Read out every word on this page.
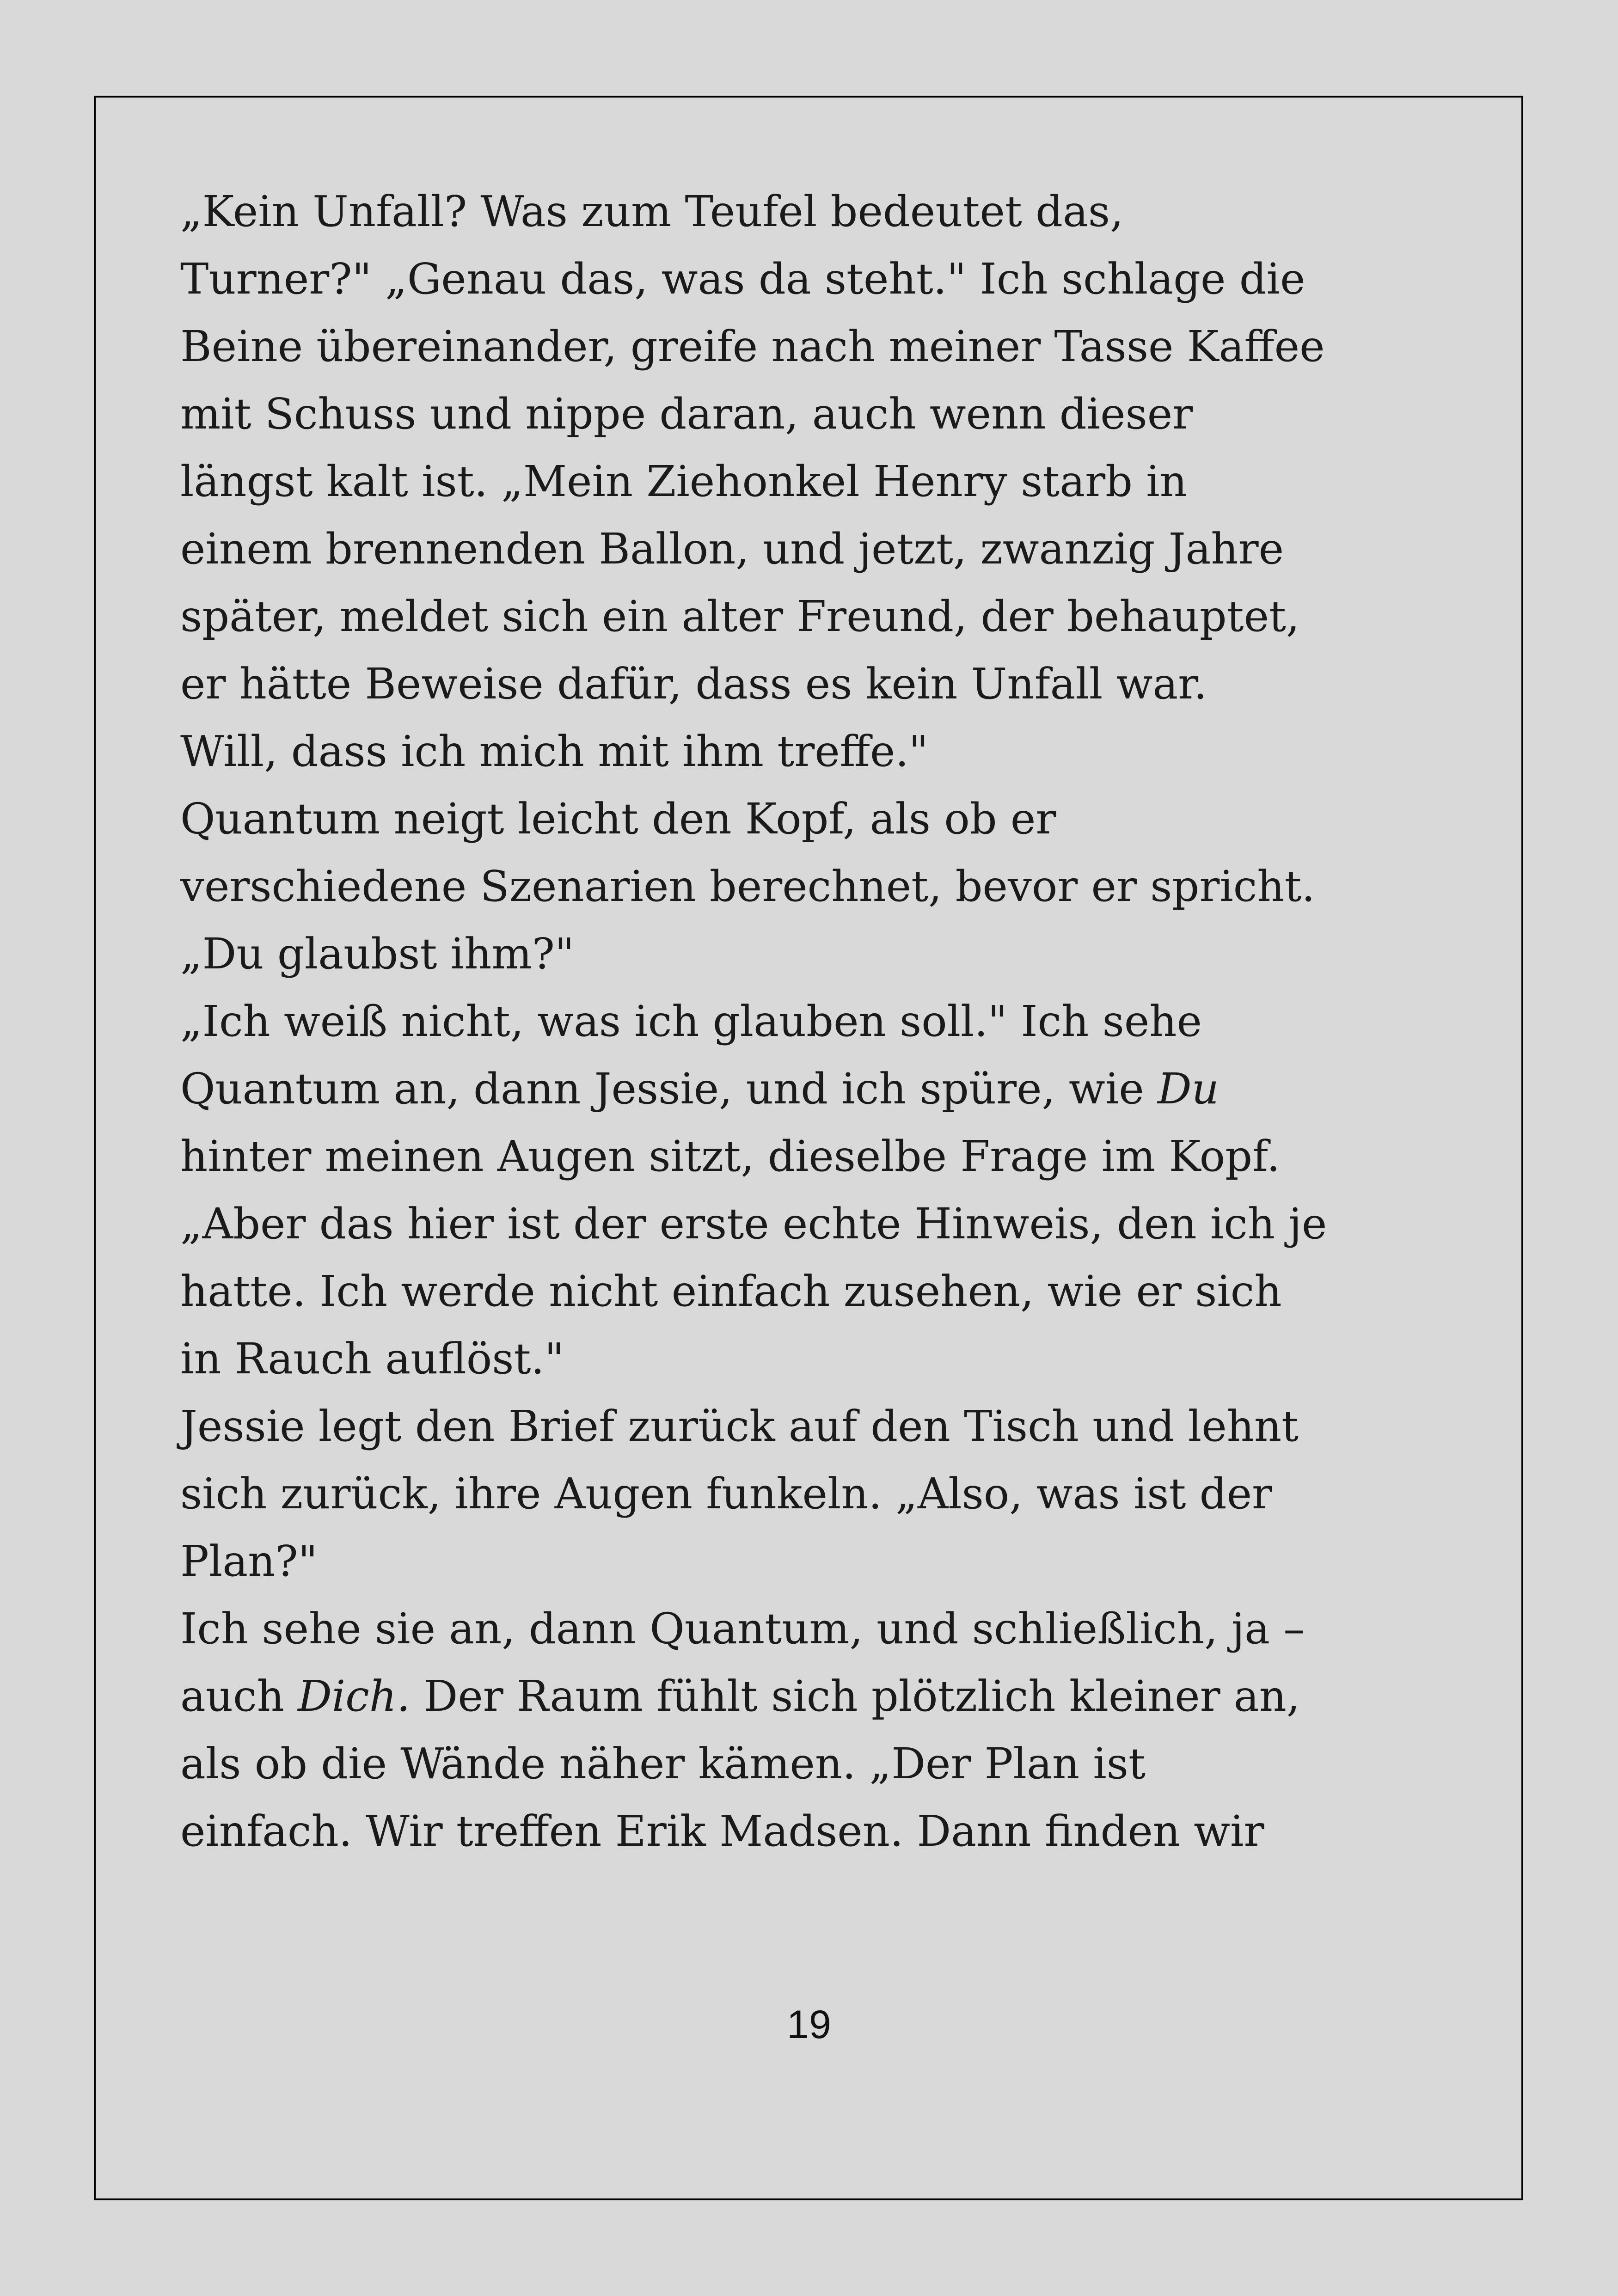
„Kein Unfall? Was zum Teufel bedeutet das,
Turner?" „Genau das, was da steht." Ich schlage die
Beine übereinander, greife nach meiner Tasse Kaffee
mit Schuss und nippe daran, auch wenn dieser
längst kalt ist. „Mein Ziehonkel Henry starb in
einem brennenden Ballon, und jetzt, zwanzig Jahre
später, meldet sich ein alter Freund, der behauptet,
er hätte Beweise dafür, dass es kein Unfall war.
Will, dass ich mich mit ihm treffe."
Quantum neigt leicht den Kopf, als ob er
verschiedene Szenarien berechnet, bevor er spricht.
„Du glaubst ihm?"
„Ich weiß nicht, was ich glauben soll." Ich sehe
Quantum an, dann Jessie, und ich spüre, wie Du
hinter meinen Augen sitzt, dieselbe Frage im Kopf.
„Aber das hier ist der erste echte Hinweis, den ich je
hatte. Ich werde nicht einfach zusehen, wie er sich
in Rauch auflöst."
Jessie legt den Brief zurück auf den Tisch und lehnt
sich zurück, ihre Augen funkeln. „Also, was ist der
Plan?"
Ich sehe sie an, dann Quantum, und schließlich, ja –
auch Dich. Der Raum fühlt sich plötzlich kleiner an,
als ob die Wände näher kämen. „Der Plan ist
einfach. Wir treffen Erik Madsen. Dann finden wir
19
